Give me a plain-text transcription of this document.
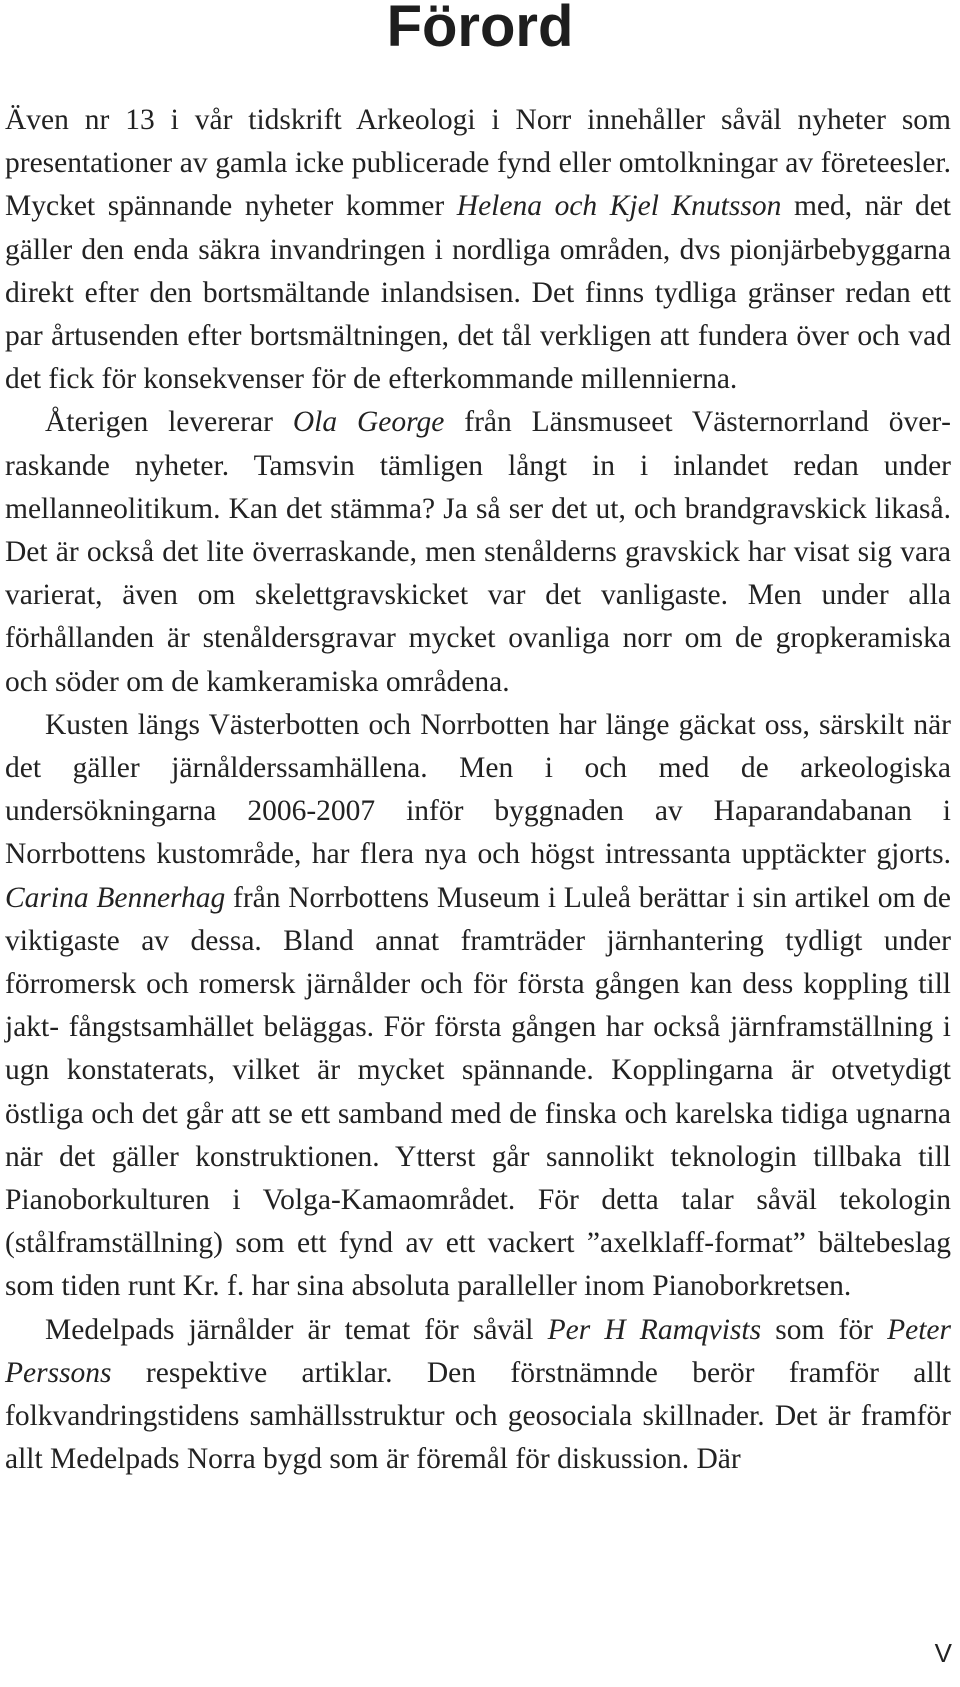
Förord

Även nr 13 i vår tidskrift Arkeologi i Norr innehåller såväl nyheter som presentationer av gamla icke publicerade fynd eller omtolkningar av företeesler. Mycket spännande nyheter kommer Helena och Kjel Knutsson med, när det gäller den enda säkra invandringen i nordliga områden, dvs pionjärbebyggarna direkt efter den bortsmältande inlandsisen. Det finns tydliga gränser redan ett par årtusenden efter bortsmältningen, det tål verkligen att fundera över och vad det fick för konsekvenser för de efterkommande millennierna.

Återigen levererar Ola George från Länsmuseet Västernorrland överraskande nyheter. Tamsvin tämligen långt in i inlandet redan under mellanneolitikum. Kan det stämma? Ja så ser det ut, och brandgravskick likaså. Det är också det lite överraskande, men stenålderns gravskick har visat sig vara varierat, även om skelettgravskicket var det vanligaste. Men under alla förhållanden är stenåldersgravar mycket ovanliga norr om de gropkeramiska och söder om de kamkeramiska områdena.

Kusten längs Västerbotten och Norrbotten har länge gäckat oss, särskilt när det gäller järnålderssamhällena. Men i och med de arkeologiska undersökningarna 2006-2007 inför byggnaden av Haparandabanan i Norrbottens kustområde, har flera nya och högst intressanta upptäckter gjorts. Carina Bennerhag från Norrbottens Museum i Luleå berättar i sin artikel om de viktigaste av dessa. Bland annat framträder järnhantering tydligt under förromersk och romersk järnålder och för första gången kan dess koppling till jakt- fångstsamhället beläggas. För första gången har också järnframställning i ugn konstaterats, vilket är mycket spännande. Kopplingarna är otvetydigt östliga och det går att se ett samband med de finska och karelska tidiga ugnarna när det gäller konstruktionen. Ytterst går sannolikt teknologin tillbaka till Pianoborkulturen i Volga-Kamaområdet. För detta talar såväl tekologin (stålframställning) som ett fynd av ett vackert ”axelklaff-format” bältebeslag som tiden runt Kr. f. har sina absoluta paralleller inom Pianoborkretsen.

Medelpads järnålder är temat för såväl Per H Ramqvists som för Peter Perssons respektive artiklar. Den förstnämnde berör framför allt folkvandringstidens samhällsstruktur och geosociala skillnader. Det är framför allt Medelpads Norra bygd som är föremål för diskussion. Där

V
